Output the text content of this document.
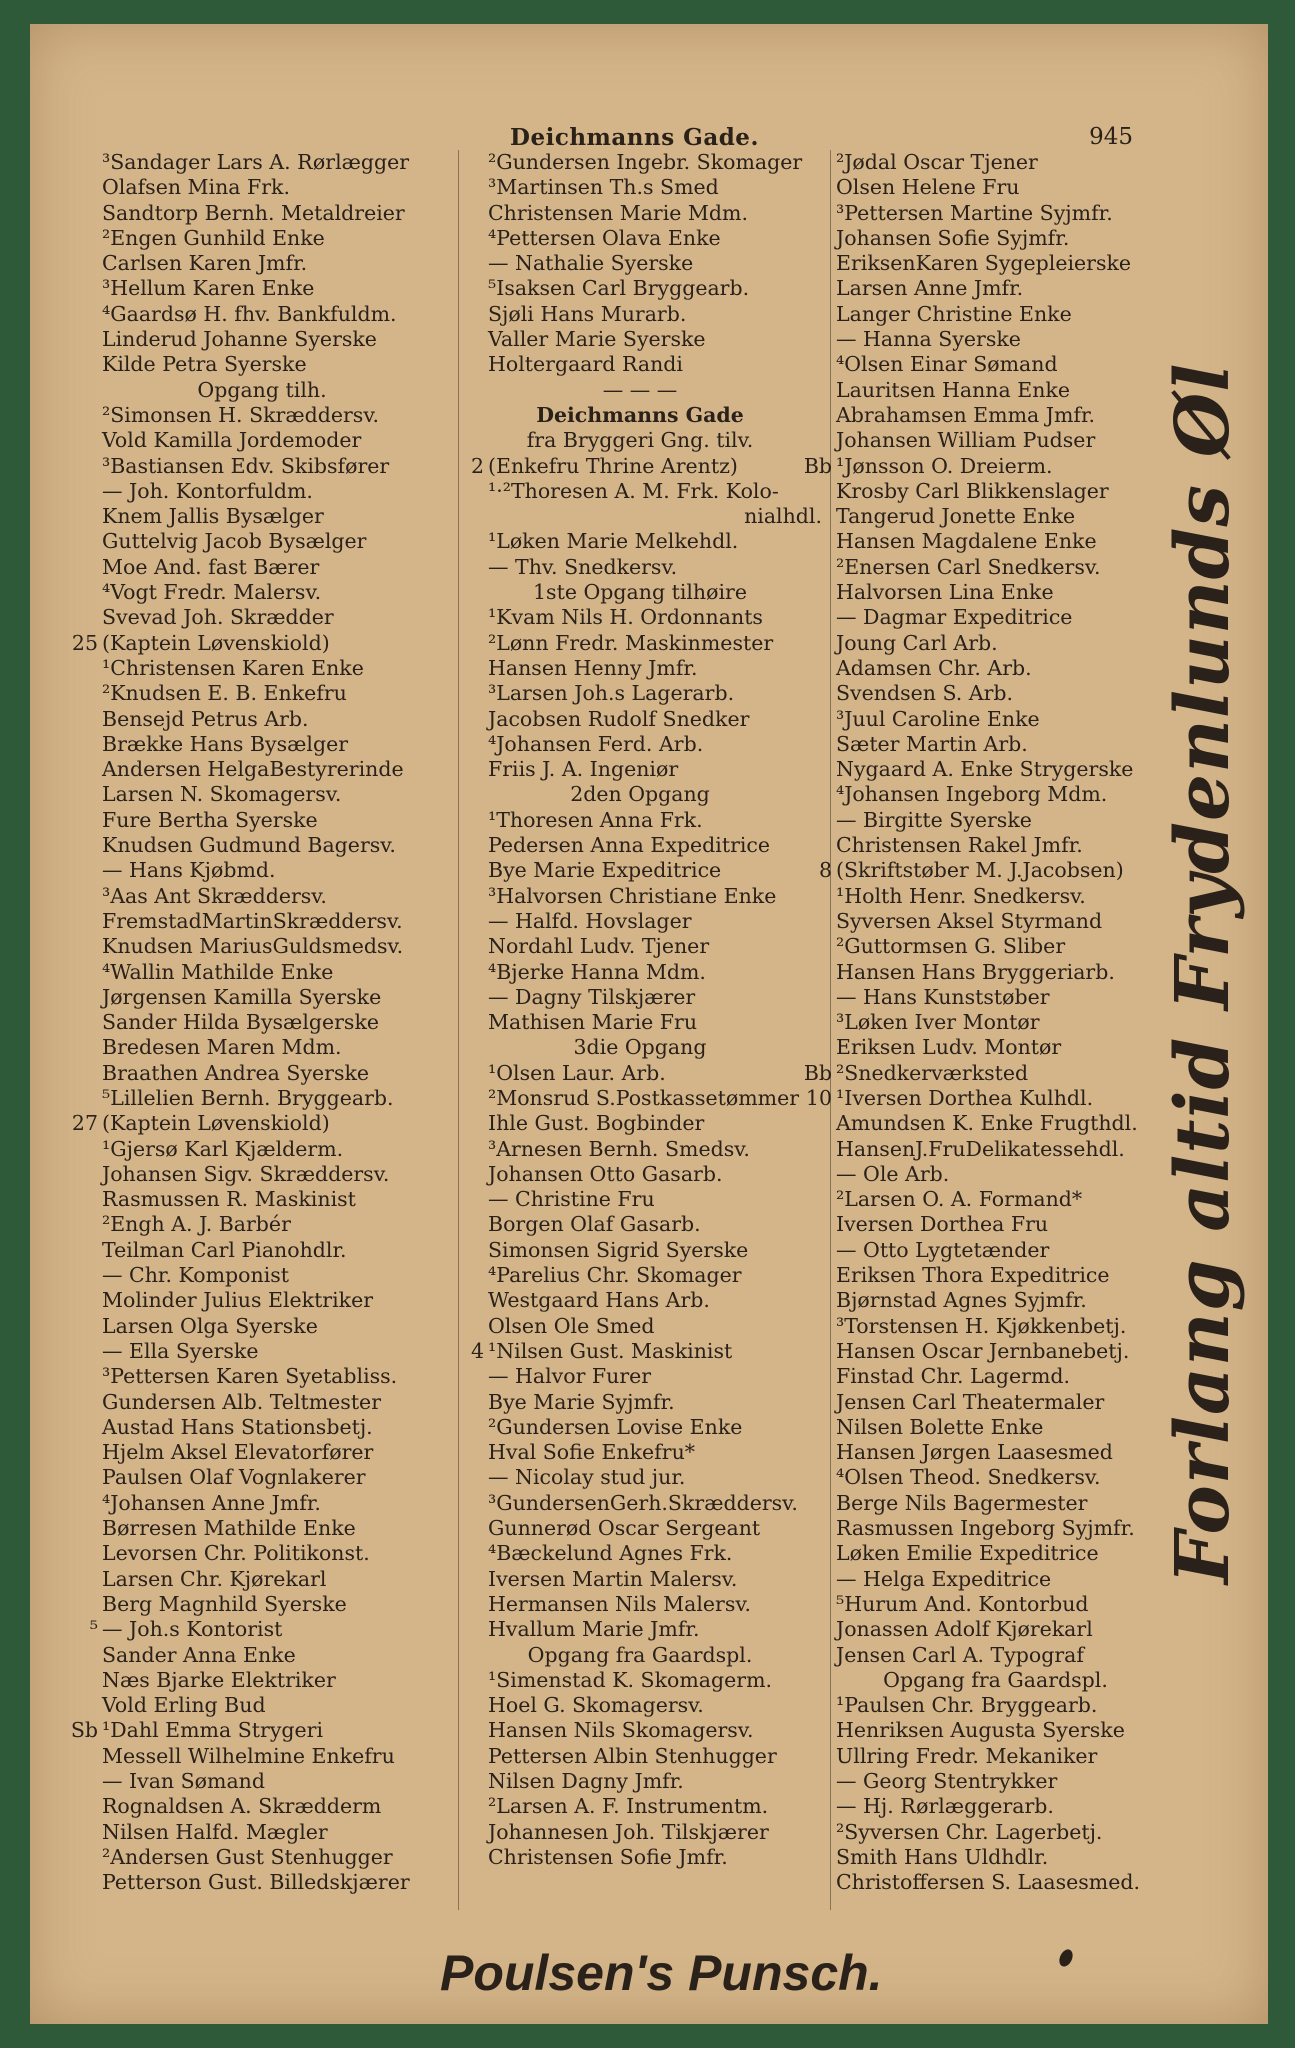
Deichmanns Gade.	945
³Sandager Lars A. Rørlægger
Olafsen Mina Frk.
Sandtorp Bernh. Metaldreier
²Engen Gunhild Enke
Carlsen Karen Jmfr.
³Hellum Karen Enke
⁴Gaardsø H. fhv. Bankfuldm.
Linderud Johanne Syerske
Kilde Petra Syerske
Opgang tilh.
²Simonsen H. Skræddersv.
Vold Kamilla Jordemoder
³Bastiansen Edv. Skibsfører
— Joh. Kontorfuldm.
Knem Jallis Bysælger
Guttelvig Jacob Bysælger
Moe And. fast Bærer
⁴Vogt Fredr. Malersv.
Svevad Joh. Skrædder
25 (Kaptein Løvenskiold)
¹Christensen Karen Enke
²Knudsen E. B. Enkefru
Bensejd Petrus Arb.
Brække Hans Bysælger
Andersen HelgaBestyrerinde
Larsen N. Skomagersv.
Fure Bertha Syerske
Knudsen Gudmund Bagersv.
— Hans Kjøbmd.
³Aas Ant Skræddersv.
FremstadMartinSkræddersv.
Knudsen MariusGuldsmedsv.
⁴Wallin Mathilde Enke
Jørgensen Kamilla Syerske
Sander Hilda Bysælgerske
Bredesen Maren Mdm.
Braathen Andrea Syerske
⁵Lillelien Bernh. Bryggearb.
27 (Kaptein Løvenskiold)
¹Gjersø Karl Kjælderm.
Johansen Sigv. Skræddersv.
Rasmussen R. Maskinist
²Engh A. J. Barbér
Teilman Carl Pianohdlr.
— Chr. Komponist
Molinder Julius Elektriker
Larsen Olga Syerske
— Ella Syerske
³Pettersen Karen Syetabliss.
Gundersen Alb. Teltmester
Austad Hans Stationsbetj.
Hjelm Aksel Elevatorfører
Paulsen Olaf Vognlakerer
⁴Johansen Anne Jmfr.
Børresen Mathilde Enke
Levorsen Chr. Politikonst.
Larsen Chr. Kjørekarl
Berg Magnhild Syerske
⁵ — Joh.s Kontorist
Sander Anna Enke
Næs Bjarke Elektriker
Vold Erling Bud
Sb ¹Dahl Emma Strygeri
Messell Wilhelmine Enkefru
— Ivan Sømand
Rognaldsen A. Skrædderm
Nilsen Halfd. Mægler
²Andersen Gust Stenhugger
Petterson Gust. Billedskjærer
²Gundersen Ingebr. Skomager
³Martinsen Th.s Smed
Christensen Marie Mdm.
⁴Pettersen Olava Enke
— Nathalie Syerske
⁵Isaksen Carl Bryggearb.
Sjøli Hans Murarb.
Valler Marie Syerske
Holtergaard Randi
— — —
Deichmanns Gade
fra Bryggeri Gng. tilv.
2 (Enkefru Thrine Arentz)
¹·²Thoresen A. M. Frk. Kolo-
nialhdl.
¹Løken Marie Melkehdl.
— Thv. Snedkersv.
1ste Opgang tilhøire
¹Kvam Nils H. Ordonnants
²Lønn Fredr. Maskinmester
Hansen Henny Jmfr.
³Larsen Joh.s Lagerarb.
Jacobsen Rudolf Snedker
⁴Johansen Ferd. Arb.
Friis J. A. Ingeniør
2den Opgang
¹Thoresen Anna Frk.
Pedersen Anna Expeditrice
Bye Marie Expeditrice
³Halvorsen Christiane Enke
— Halfd. Hovslager
Nordahl Ludv. Tjener
⁴Bjerke Hanna Mdm.
— Dagny Tilskjærer
Mathisen Marie Fru
3die Opgang
¹Olsen Laur. Arb.
²Monsrud S.Postkassetømmer
Ihle Gust. Bogbinder
³Arnesen Bernh. Smedsv.
Johansen Otto Gasarb.
— Christine Fru
Borgen Olaf Gasarb.
Simonsen Sigrid Syerske
⁴Parelius Chr. Skomager
Westgaard Hans Arb.
Olsen Ole Smed
4 ¹Nilsen Gust. Maskinist
— Halvor Furer
Bye Marie Syjmfr.
²Gundersen Lovise Enke
Hval Sofie Enkefru*
— Nicolay stud jur.
³GundersenGerh.Skræddersv.
Gunnerød Oscar Sergeant
⁴Bæckelund Agnes Frk.
Iversen Martin Malersv.
Hermansen Nils Malersv.
Hvallum Marie Jmfr.
Opgang fra Gaardspl.
¹Simenstad K. Skomagerm.
Hoel G. Skomagersv.
Hansen Nils Skomagersv.
Pettersen Albin Stenhugger
Nilsen Dagny Jmfr.
²Larsen A. F. Instrumentm.
Johannesen Joh. Tilskjærer
Christensen Sofie Jmfr.
²Jødal Oscar Tjener
Olsen Helene Fru
³Pettersen Martine Syjmfr.
Johansen Sofie Syjmfr.
EriksenKaren Sygepleierske
Larsen Anne Jmfr.
Langer Christine Enke
— Hanna Syerske
⁴Olsen Einar Sømand
Lauritsen Hanna Enke
Abrahamsen Emma Jmfr.
Johansen William Pudser
Bb ¹Jønsson O. Dreierm.
Krosby Carl Blikkenslager
Tangerud Jonette Enke
Hansen Magdalene Enke
²Enersen Carl Snedkersv.
Halvorsen Lina Enke
— Dagmar Expeditrice
Joung Carl Arb.
Adamsen Chr. Arb.
Svendsen S. Arb.
³Juul Caroline Enke
Sæter Martin Arb.
Nygaard A. Enke Strygerske
⁴Johansen Ingeborg Mdm.
— Birgitte Syerske
Christensen Rakel Jmfr.
8 (Skriftstøber M. J.Jacobsen)
¹Holth Henr. Snedkersv.
Syversen Aksel Styrmand
²Guttormsen G. Sliber
Hansen Hans Bryggeriarb.
— Hans Kunststøber
³Løken Iver Montør
Eriksen Ludv. Montør
Bb ²Snedkerværksted
10 ¹Iversen Dorthea Kulhdl.
Amundsen K. Enke Frugthdl.
HansenJ.FruDelikatessehdl.
— Ole Arb.
²Larsen O. A. Formand*
Iversen Dorthea Fru
— Otto Lygtetænder
Eriksen Thora Expeditrice
Bjørnstad Agnes Syjmfr.
³Torstensen H. Kjøkkenbetj.
Hansen Oscar Jernbanebetj.
Finstad Chr. Lagermd.
Jensen Carl Theatermaler
Nilsen Bolette Enke
Hansen Jørgen Laasesmed
⁴Olsen Theod. Snedkersv.
Berge Nils Bagermester
Rasmussen Ingeborg Syjmfr.
Løken Emilie Expeditrice
— Helga Expeditrice
⁵Hurum And. Kontorbud
Jonassen Adolf Kjørekarl
Jensen Carl A. Typograf
Opgang fra Gaardspl.
¹Paulsen Chr. Bryggearb.
Henriksen Augusta Syerske
Ullring Fredr. Mekaniker
— Georg Stentrykker
— Hj. Rørlæggerarb.
²Syversen Chr. Lagerbetj.
Smith Hans Uldhdlr.
Christoffersen S. Laasesmed.
Forlang altid Frydenlunds Øl
Poulsen's Punsch.
